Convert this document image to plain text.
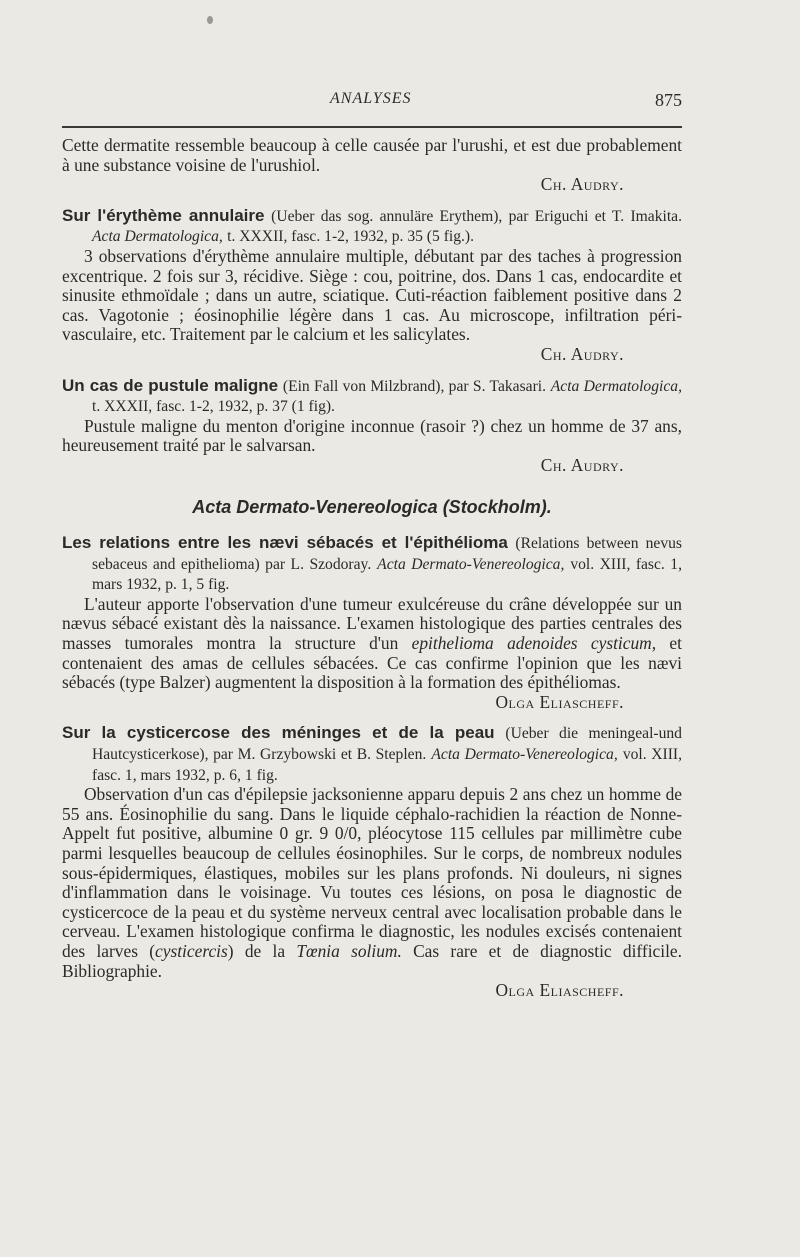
ANALYSES	875

Cette dermatite ressemble beaucoup à celle causée par l'urushi, et est due probablement à une substance voisine de l'urushiol.

Ch. Audry.

Sur l'érythème annulaire (Ueber das sog. annuläre Erythem), par Eriguchi et T. Imakita. Acta Dermatologica, t. XXXII, fasc. 1-2, 1932, p. 35 (5 fig.).

3 observations d'érythème annulaire multiple, débutant par des taches à progression excentrique. 2 fois sur 3, récidive. Siège : cou, poitrine, dos. Dans 1 cas, endocardite et sinusite ethmoïdale ; dans un autre, sciatique. Cuti-réaction faiblement positive dans 2 cas. Vagotonie ; éosinophilie légère dans 1 cas. Au microscope, infiltration péri-vasculaire, etc. Traitement par le calcium et les salicylates.

Ch. Audry.

Un cas de pustule maligne (Ein Fall von Milzbrand), par S. Takasari. Acta Dermatologica, t. XXXII, fasc. 1-2, 1932, p. 37 (1 fig).

Pustule maligne du menton d'origine inconnue (rasoir ?) chez un homme de 37 ans, heureusement traité par le salvarsan.

Ch. Audry.

Acta Dermato-Venereologica (Stockholm).

Les relations entre les nævi sébacés et l'épithélioma (Relations between nevus sebaceus and epithelioma) par L. Szodoray. Acta Dermato-Venereologica, vol. XIII, fasc. 1, mars 1932, p. 1, 5 fig.

L'auteur apporte l'observation d'une tumeur exulcéreuse du crâne développée sur un nævus sébacé existant dès la naissance. L'examen histologique des parties centrales des masses tumorales montra la structure d'un epithelioma adenoides cysticum, et contenaient des amas de cellules sébacées. Ce cas confirme l'opinion que les nævi sébacés (type Balzer) augmentent la disposition à la formation des épithéliomas.

Olga Eliascheff.

Sur la cysticercose des méninges et de la peau (Ueber die meningeal-und Hautcysticerkose), par M. Grzybowski et B. Steplen. Acta Dermato-Venereologica, vol. XIII, fasc. 1, mars 1932, p. 6, 1 fig.

Observation d'un cas d'épilepsie jacksonienne apparu depuis 2 ans chez un homme de 55 ans. Éosinophilie du sang. Dans le liquide céphalo-rachidien la réaction de Nonne-Appelt fut positive, albumine 0 gr. 9 0/0, pléocytose 115 cellules par millimètre cube parmi lesquelles beaucoup de cellules éosinophiles. Sur le corps, de nombreux nodules sous-épidermiques, élastiques, mobiles sur les plans profonds. Ni douleurs, ni signes d'inflammation dans le voisinage. Vu toutes ces lésions, on posa le diagnostic de cysticercoce de la peau et du système nerveux central avec localisation probable dans le cerveau. L'examen histologique confirma le diagnostic, les nodules excisés contenaient des larves (cysticercis) de la Tœnia solium. Cas rare et de diagnostic difficile. Bibliographie.

Olga Eliascheff.
